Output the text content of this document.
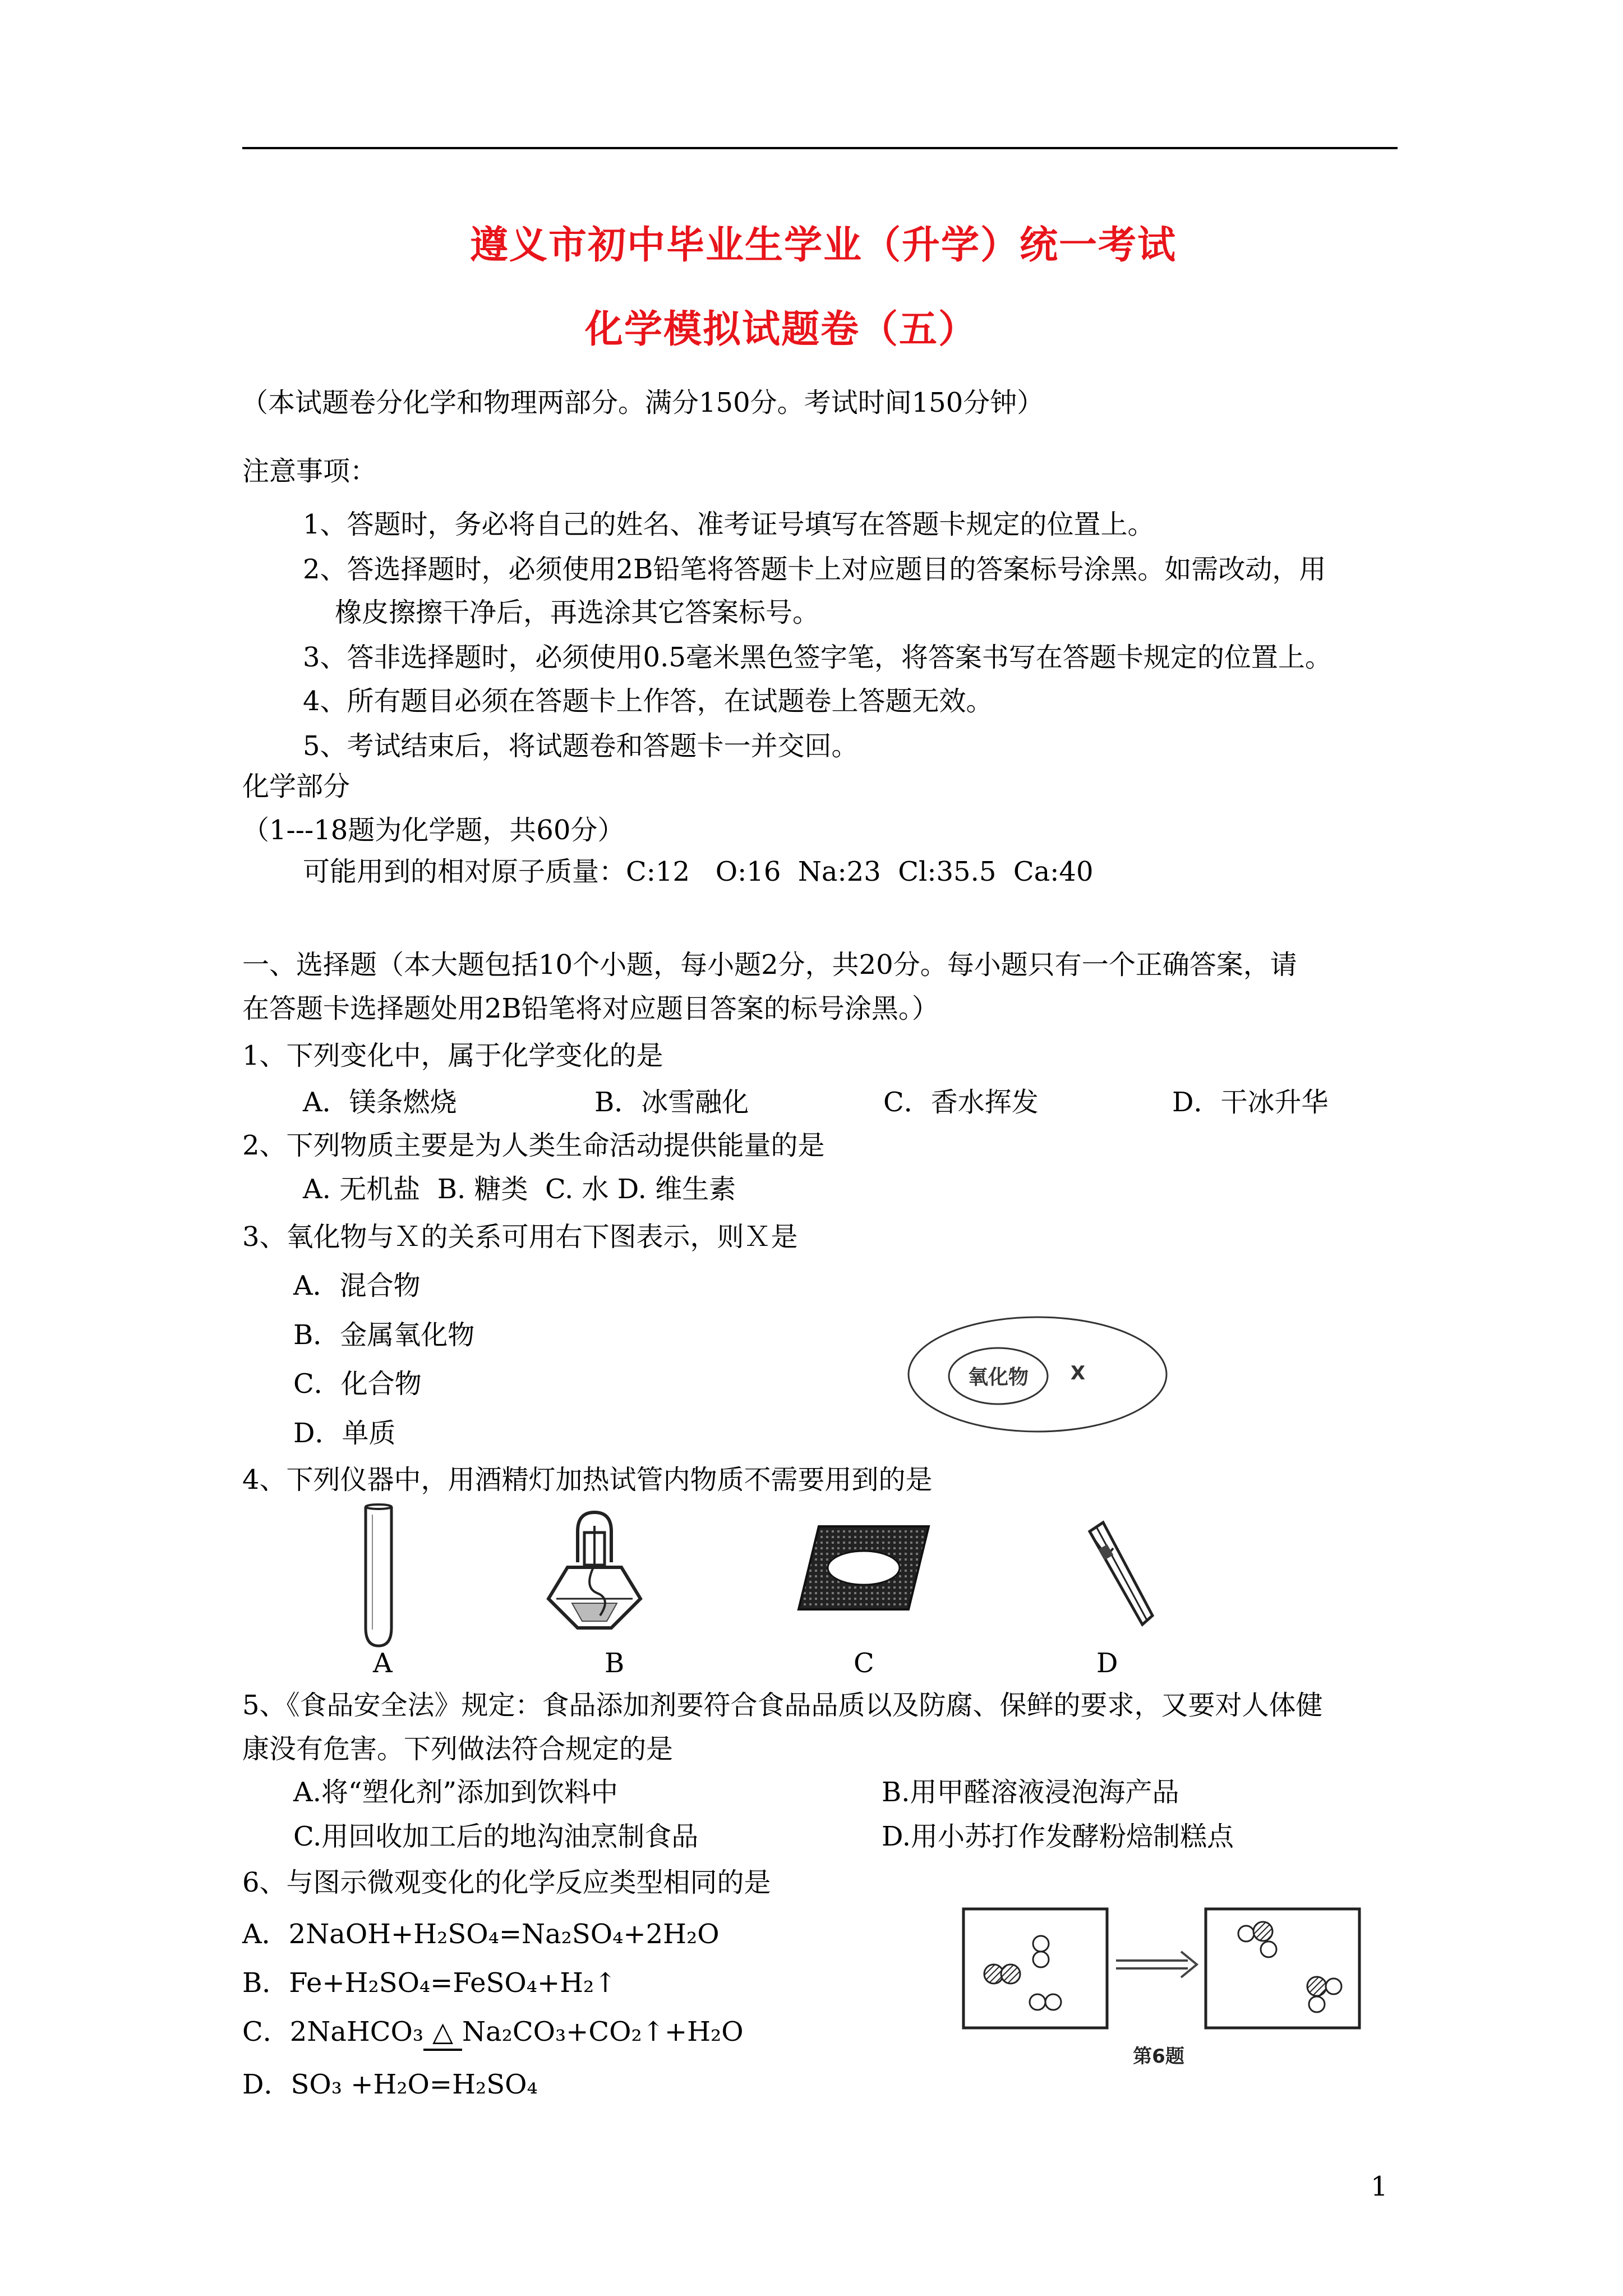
遵义市初中毕业生学业（升学）统一考试
化学模拟试题卷（五）
（本试题卷分化学和物理两部分。满分150分。考试时间150分钟）
注意事项：
1、答题时，务必将自己的姓名、准考证号填写在答题卡规定的位置上。
2、答选择题时，必须使用2B铅笔将答题卡上对应题目的答案标号涂黑。如需改动，用
橡皮擦擦干净后，再选涂其它答案标号。
3、答非选择题时，必须使用0.5毫米黑色签字笔，将答案书写在答题卡规定的位置上。
4、所有题目必须在答题卡上作答，在试题卷上答题无效。
5、考试结束后，将试题卷和答题卡一并交回。
化学部分
（1---18题为化学题，共60分）
可能用到的相对原子质量：C:12   O:16  Na:23  Cl:35.5  Ca:40
一、选择题（本大题包括10个小题，每小题2分，共20分。每小题只有一个正确答案，请
在答题卡选择题处用2B铅笔将对应题目答案的标号涂黑。）
1、下列变化中，属于化学变化的是
A．镁条燃烧	B．冰雪融化	C．香水挥发	D．干冰升华
2、下列物质主要是为人类生命活动提供能量的是
A. 无机盐  B. 糖类  C. 水 D. 维生素
3、氧化物与Ｘ的关系可用右下图表示，则Ｘ是
A．混合物
B．金属氧化物
C．化合物
D．单质
氧化物 X
4、下列仪器中，用酒精灯加热试管内物质不需要用到的是
A	B	C	D
5、《食品安全法》规定：食品添加剂要符合食品品质以及防腐、保鲜的要求，又要对人体健
康没有危害。下列做法符合规定的是
A.将“塑化剂”添加到饮料中	B.用甲醛溶液浸泡海产品
C.用回收加工后的地沟油烹制食品	D.用小苏打作发酵粉焙制糕点
6、与图示微观变化的化学反应类型相同的是
A．2NaOH+H₂SO₄=Na₂SO₄+2H₂O
B．Fe+H₂SO₄=FeSO₄+H₂↑
C．2NaHCO₃ △ Na₂CO₃+CO₂↑+H₂O
D．SO₃ +H₂O=H₂SO₄
第6题
1
